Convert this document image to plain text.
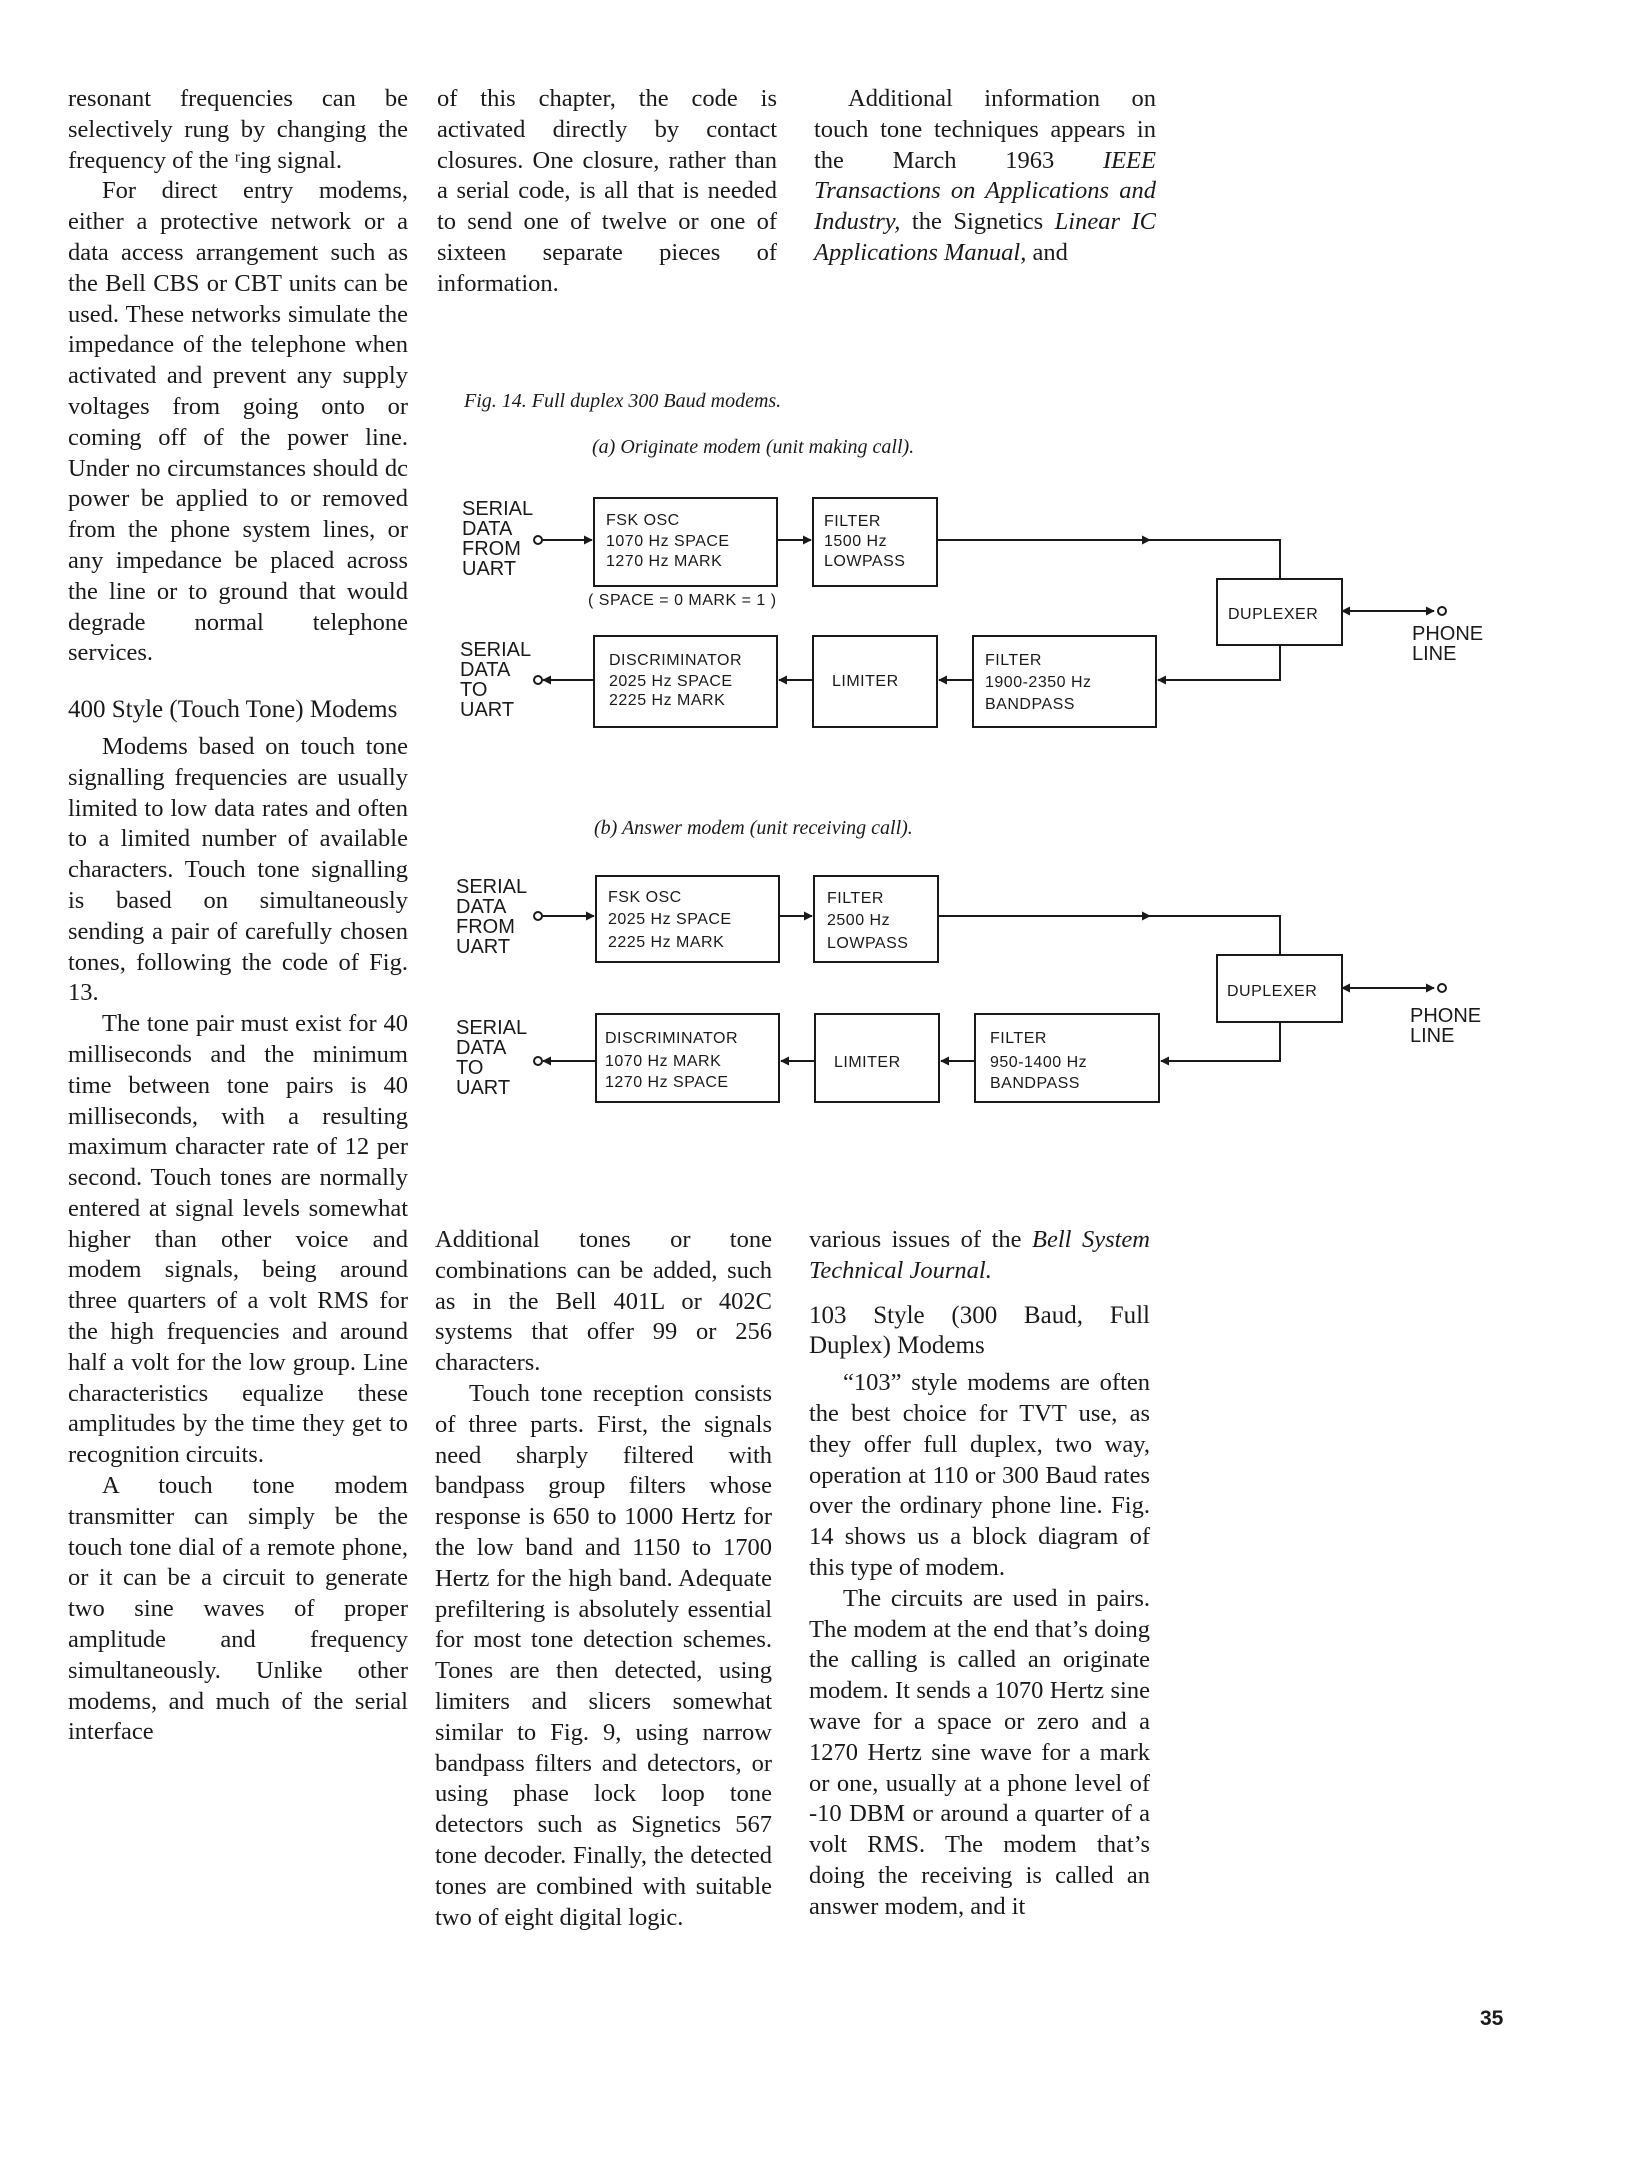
resonant frequencies can be selectively rung by changing the frequency of the ʳing signal.

For direct entry modems, either a protective network or a data access arrangement such as the Bell CBS or CBT units can be used. These networks simulate the impedance of the telephone when activated and prevent any supply voltages from going onto or coming off of the power line. Under no circumstances should dc power be applied to or removed from the phone system lines, or any impedance be placed across the line or to ground that would degrade normal telephone services.

400 Style (Touch Tone) Modems

Modems based on touch tone signalling frequencies are usually limited to low data rates and often to a limited number of available characters. Touch tone signalling is based on simultaneously sending a pair of carefully chosen tones, following the code of Fig. 13.

The tone pair must exist for 40 milliseconds and the minimum time between tone pairs is 40 milliseconds, with a resulting maximum character rate of 12 per second. Touch tones are normally entered at signal levels somewhat higher than other voice and modem signals, being around three quarters of a volt RMS for the high frequencies and around half a volt for the low group. Line characteristics equalize these amplitudes by the time they get to recognition circuits.

A touch tone modem transmitter can simply be the touch tone dial of a remote phone, or it can be a circuit to generate two sine waves of proper amplitude and frequency simultaneously. Unlike other modems, and much of the serial interface

of this chapter, the code is activated directly by contact closures. One closure, rather than a serial code, is all that is needed to send one of twelve or one of sixteen separate pieces of information.

Additional information on touch tone techniques appears in the March 1963 IEEE Transactions on Applications and Industry, the Signetics Linear IC Applications Manual, and

Fig. 14. Full duplex 300 Baud modems.
(a) Originate modem (unit making call).
(b) Answer modem (unit receiving call).
SERIAL
DATA
FROM
UART
SERIAL
DATA
TO
UART
PHONE
LINE
FSK OSC
1070 Hz SPACE
1270 Hz MARK
( SPACE = 0 MARK = 1 )
FILTER
1500 Hz
LOWPASS
DUPLEXER
DISCRIMINATOR
2025 Hz SPACE
2225 Hz MARK
LIMITER
FILTER
1900-2350 Hz
BANDPASS
SERIAL
DATA
FROM
UART
SERIAL
DATA
TO
UART
PHONE
LINE
FSK OSC
2025 Hz SPACE
2225 Hz MARK
FILTER
2500 Hz
LOWPASS
DUPLEXER
DISCRIMINATOR
1070 Hz MARK
1270 Hz SPACE
LIMITER
FILTER
950-1400 Hz
BANDPASS

Additional tones or tone combinations can be added, such as in the Bell 401L or 402C systems that offer 99 or 256 characters.

Touch tone reception consists of three parts. First, the signals need sharply filtered with bandpass group filters whose response is 650 to 1000 Hertz for the low band and 1150 to 1700 Hertz for the high band. Adequate prefiltering is absolutely essential for most tone detection schemes. Tones are then detected, using limiters and slicers somewhat similar to Fig. 9, using narrow bandpass filters and detectors, or using phase lock loop tone detectors such as Signetics 567 tone decoder. Finally, the detected tones are combined with suitable two of eight digital logic.

various issues of the Bell System Technical Journal.

103 Style (300 Baud, Full Duplex) Modems

“103” style modems are often the best choice for TVT use, as they offer full duplex, two way, operation at 110 or 300 Baud rates over the ordinary phone line. Fig. 14 shows us a block diagram of this type of modem.

The circuits are used in pairs. The modem at the end that’s doing the calling is called an originate modem. It sends a 1070 Hertz sine wave for a space or zero and a 1270 Hertz sine wave for a mark or one, usually at a phone level of -10 DBM or around a quarter of a volt RMS. The modem that’s doing the receiving is called an answer modem, and it

35
